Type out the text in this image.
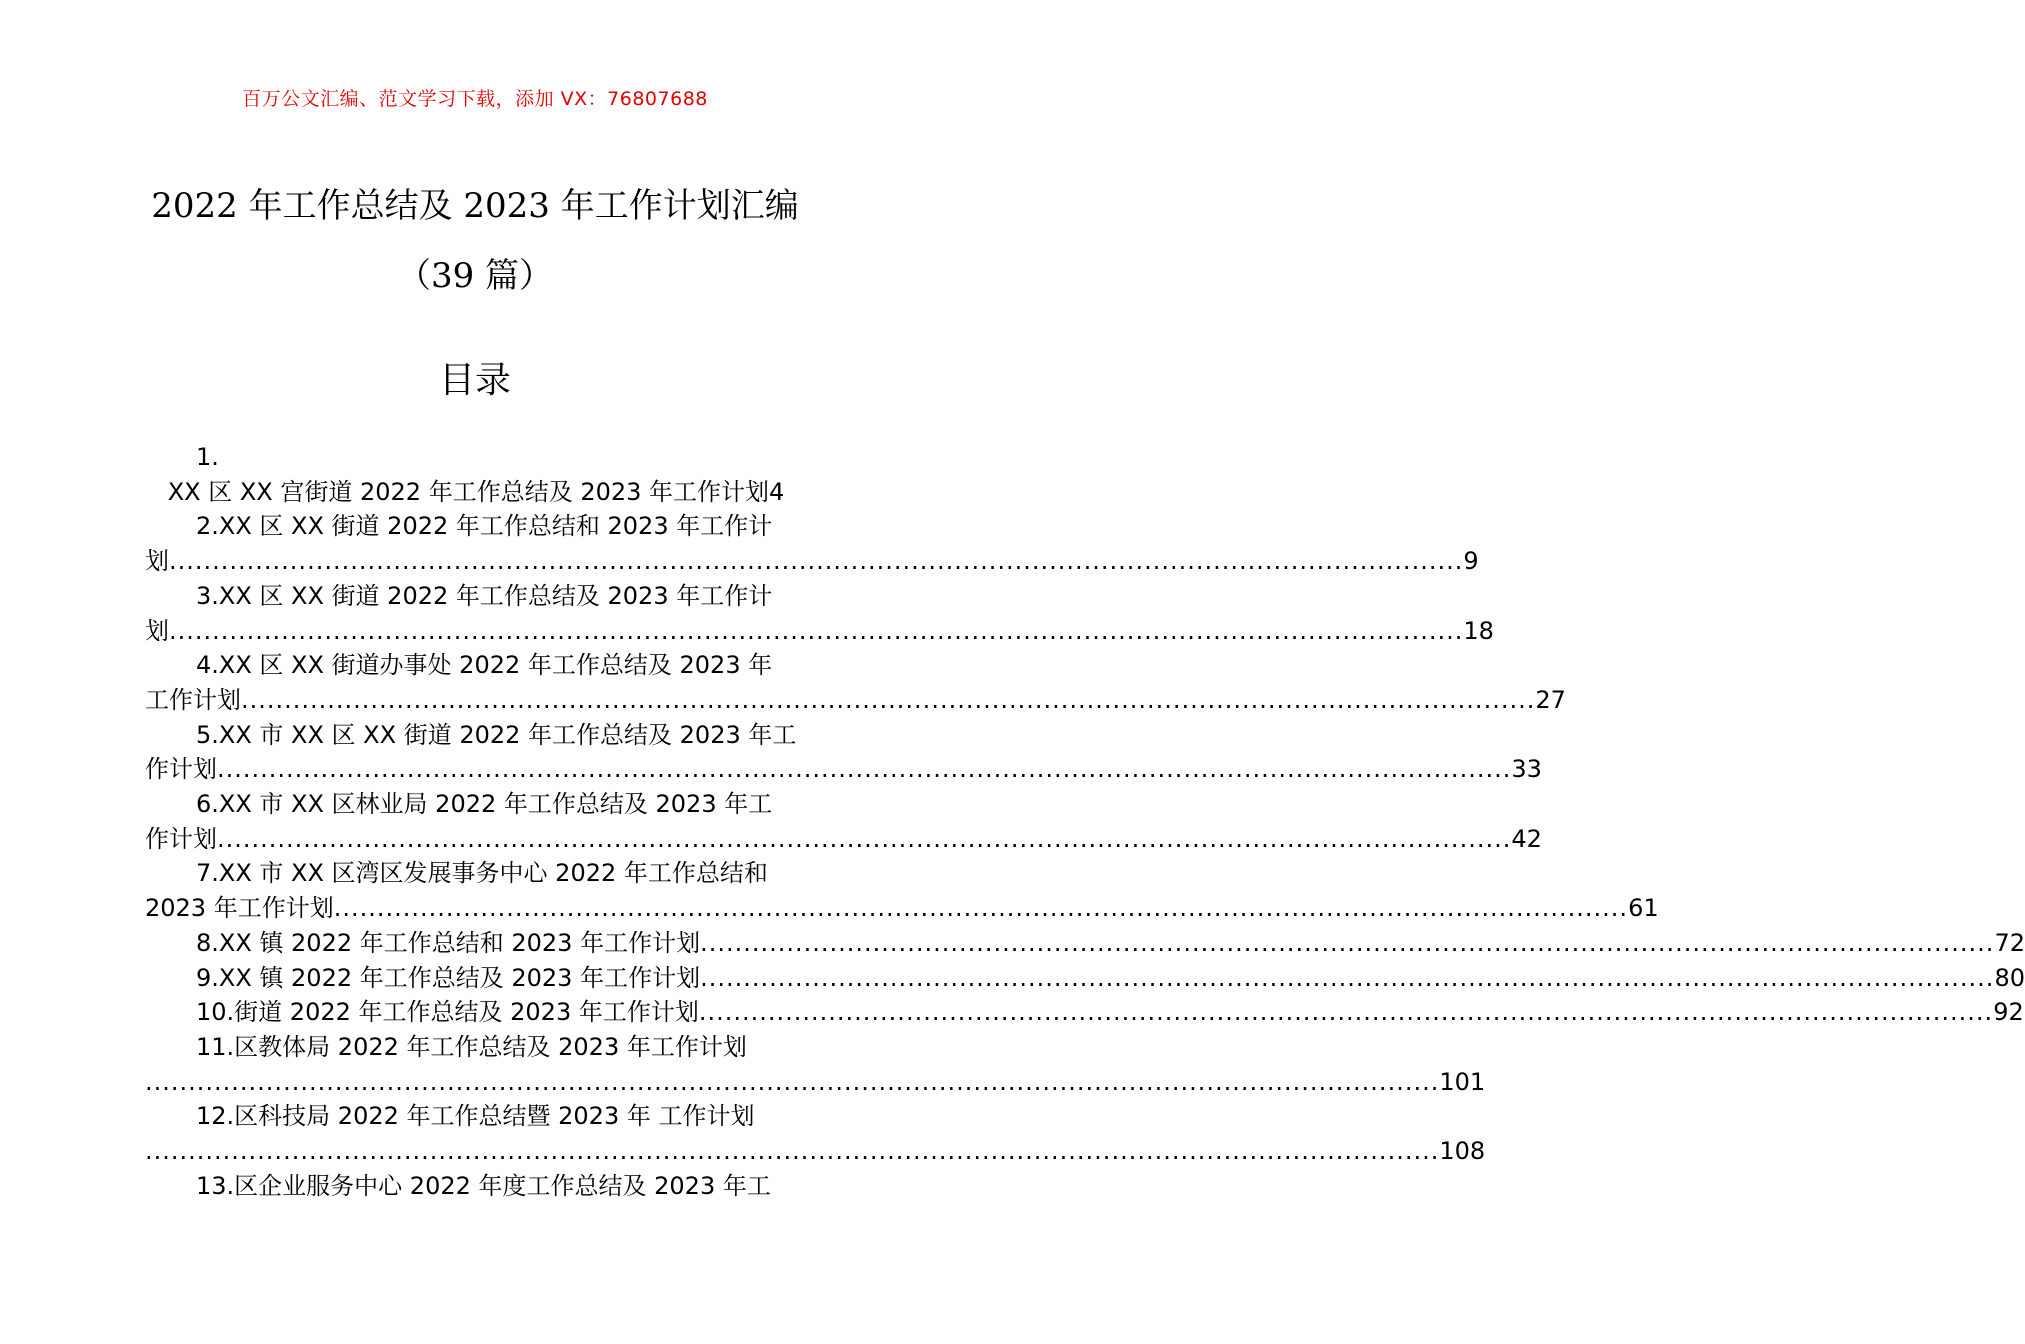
百万公文汇编、范文学习下载，添加 VX：76807688
2022 年工作总结及 2023 年工作计划汇编
（39 篇）
目录
1.
XX 区 XX 宫街道 2022 年工作总结及 2023 年工作计划4
2.XX 区 XX 街道 2022 年工作总结和 2023 年工作计
划 ...................................................................................................................................................... 9
3.XX 区 XX 街道 2022 年工作总结及 2023 年工作计
划 ...................................................................................................................................................... 18
4.XX 区 XX 街道办事处 2022 年工作总结及 2023 年
工作计划 ...................................................................................................................................................... 27
5.XX 市 XX 区 XX 街道 2022 年工作总结及 2023 年工
作计划 ...................................................................................................................................................... 33
6.XX 市 XX 区林业局 2022 年工作总结及 2023 年工
作计划 ...................................................................................................................................................... 42
7.XX 市 XX 区湾区发展事务中心 2022 年工作总结和
2023 年工作计划 ...................................................................................................................................................... 61
8.XX 镇 2022 年工作总结和 2023 年工作计划 ...................................................................................................................................................... 72
9.XX 镇 2022 年工作总结及 2023 年工作计划 ...................................................................................................................................................... 80
10.街道 2022 年工作总结及 2023 年工作计划 ...................................................................................................................................................... 92
11.区教体局 2022 年工作总结及 2023 年工作计划
...................................................................................................................................................... 101
12.区科技局 2022 年工作总结暨 2023 年 工作计划
...................................................................................................................................................... 108
13.区企业服务中心 2022 年度工作总结及 2023 年工
